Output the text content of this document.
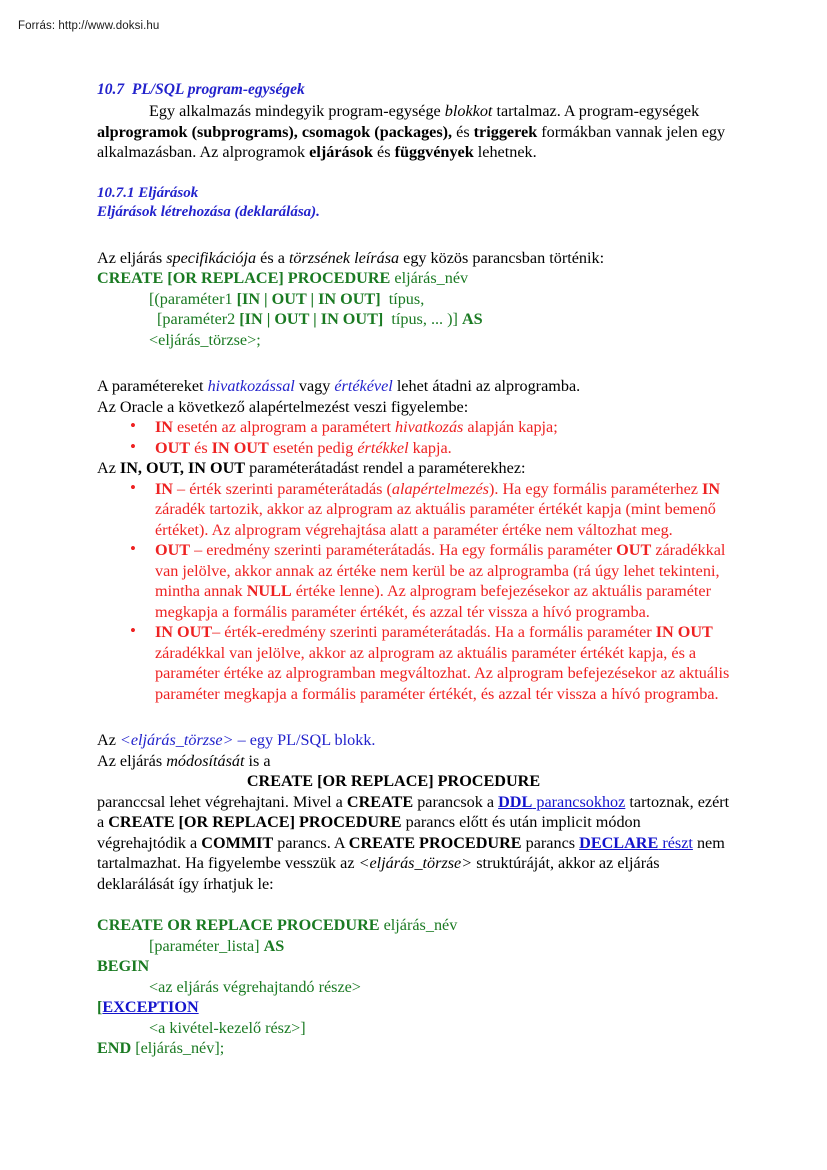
Forrás: http://www.doksi.hu
10.7 PL/SQL program-egységek

Egy alkalmazás mindegyik program-egysége blokkot tartalmaz. A program-egységek alprogramok (subprograms), csomagok (packages), és triggerek formákban vannak jelen egy alkalmazásban. Az alprogramok eljárások és függvények lehetnek.

10.7.1 Eljárások
Eljárások létrehozása (deklarálása).

Az eljárás specifikációja és a törzsének leírása egy közös parancsban történik:

CREATE [OR REPLACE] PROCEDURE eljárás_név
[(paraméter1 [IN | OUT | IN OUT]  típus,
[paraméter2 [IN | OUT | IN OUT]  típus, ... )] AS
<eljárás_törzse>;

A paramétereket hivatkozással vagy értékével lehet átadni az alprogramba.

Az Oracle a következő alapértelmezést veszi figyelembe:

• IN esetén az alprogram a paramétert hivatkozás alapján kapja;
• OUT és IN OUT esetén pedig értékkel kapja.

Az IN, OUT, IN OUT paraméterátadást rendel a paraméterekhez:

• IN – érték szerinti paraméterátadás (alapértelmezés). Ha egy formális paraméterhez IN záradék tartozik, akkor az alprogram az aktuális paraméter értékét kapja (mint bemenő értéket). Az alprogram végrehajtása alatt a paraméter értéke nem változhat meg.
• OUT – eredmény szerinti paraméterátadás. Ha egy formális paraméter OUT záradékkal van jelölve, akkor annak az értéke nem kerül be az alprogramba (rá úgy lehet tekinteni, mintha annak NULL értéke lenne). Az alprogram befejezésekor az aktuális paraméter megkapja a formális paraméter értékét, és azzal tér vissza a hívó programba.
• IN OUT– érték-eredmény szerinti paraméterátadás. Ha a formális paraméter IN OUT záradékkal van jelölve, akkor az alprogram az aktuális paraméter értékét kapja, és a paraméter értéke az alprogramban megváltozhat. Az alprogram befejezésekor az aktuális paraméter megkapja a formális paraméter értékét, és azzal tér vissza a hívó programba.

Az <eljárás_törzse> – egy PL/SQL blokk.

Az eljárás módosítását is a

CREATE [OR REPLACE] PROCEDURE

paranccsal lehet végrehajtani. Mivel a CREATE parancsok a DDL parancsokhoz tartoznak, ezért a CREATE [OR REPLACE] PROCEDURE parancs előtt és után implicit módon végrehajtódik a COMMIT parancs. A CREATE PROCEDURE parancs DECLARE részt nem tartalmazhat. Ha figyelembe vesszük az <eljárás_törzse> struktúráját, akkor az eljárás deklarálását így írhatjuk le:

CREATE OR REPLACE PROCEDURE eljárás_név
[paraméter_lista] AS
BEGIN
<az eljárás végrehajtandó része>
[EXCEPTION
<a kivétel-kezelő rész>]
END [eljárás_név];
